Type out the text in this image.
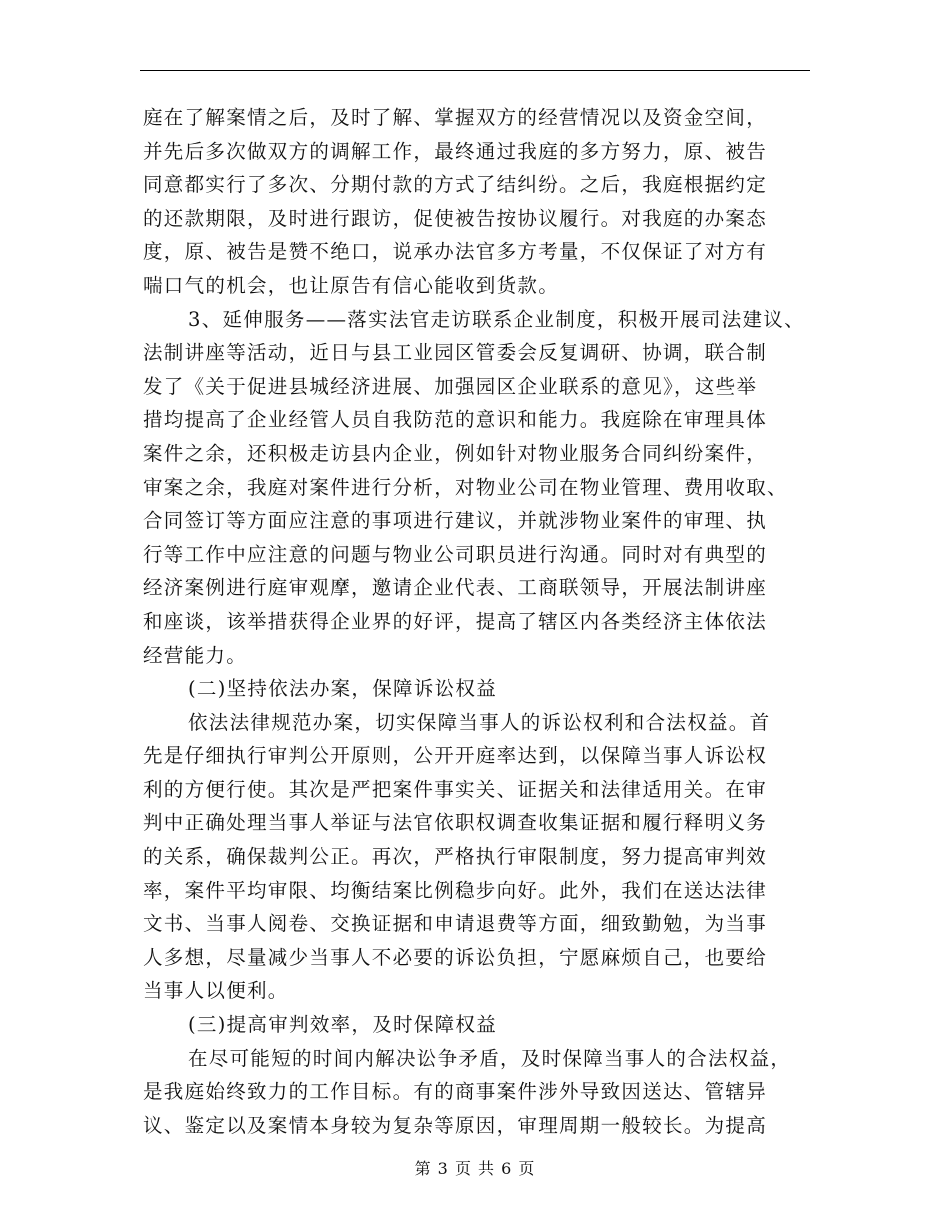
庭在了解案情之后，及时了解、掌握双方的经营情况以及资金空间，
并先后多次做双方的调解工作，最终通过我庭的多方努力，原、被告
同意都实行了多次、分期付款的方式了结纠纷。之后，我庭根据约定
的还款期限，及时进行跟访，促使被告按协议履行。对我庭的办案态
度，原、被告是赞不绝口，说承办法官多方考量，不仅保证了对方有
喘口气的机会，也让原告有信心能收到货款。
3、延伸服务——落实法官走访联系企业制度，积极开展司法建议、
法制讲座等活动，近日与县工业园区管委会反复调研、协调，联合制
发了《关于促进县城经济进展、加强园区企业联系的意见》，这些举
措均提高了企业经管人员自我防范的意识和能力。我庭除在审理具体
案件之余，还积极走访县内企业，例如针对物业服务合同纠纷案件，
审案之余，我庭对案件进行分析，对物业公司在物业管理、费用收取、
合同签订等方面应注意的事项进行建议，并就涉物业案件的审理、执
行等工作中应注意的问题与物业公司职员进行沟通。同时对有典型的
经济案例进行庭审观摩，邀请企业代表、工商联领导，开展法制讲座
和座谈，该举措获得企业界的好评，提高了辖区内各类经济主体依法
经营能力。
(二)坚持依法办案，保障诉讼权益
依法法律规范办案，切实保障当事人的诉讼权利和合法权益。首
先是仔细执行审判公开原则，公开开庭率达到，以保障当事人诉讼权
利的方便行使。其次是严把案件事实关、证据关和法律适用关。在审
判中正确处理当事人举证与法官依职权调查收集证据和履行释明义务
的关系，确保裁判公正。再次，严格执行审限制度，努力提高审判效
率，案件平均审限、均衡结案比例稳步向好。此外，我们在送达法律
文书、当事人阅卷、交换证据和申请退费等方面，细致勤勉，为当事
人多想，尽量减少当事人不必要的诉讼负担，宁愿麻烦自己，也要给
当事人以便利。
(三)提高审判效率，及时保障权益
在尽可能短的时间内解决讼争矛盾，及时保障当事人的合法权益，
是我庭始终致力的工作目标。有的商事案件涉外导致因送达、管辖异
议、鉴定以及案情本身较为复杂等原因，审理周期一般较长。为提高
第 3 页 共 6 页
